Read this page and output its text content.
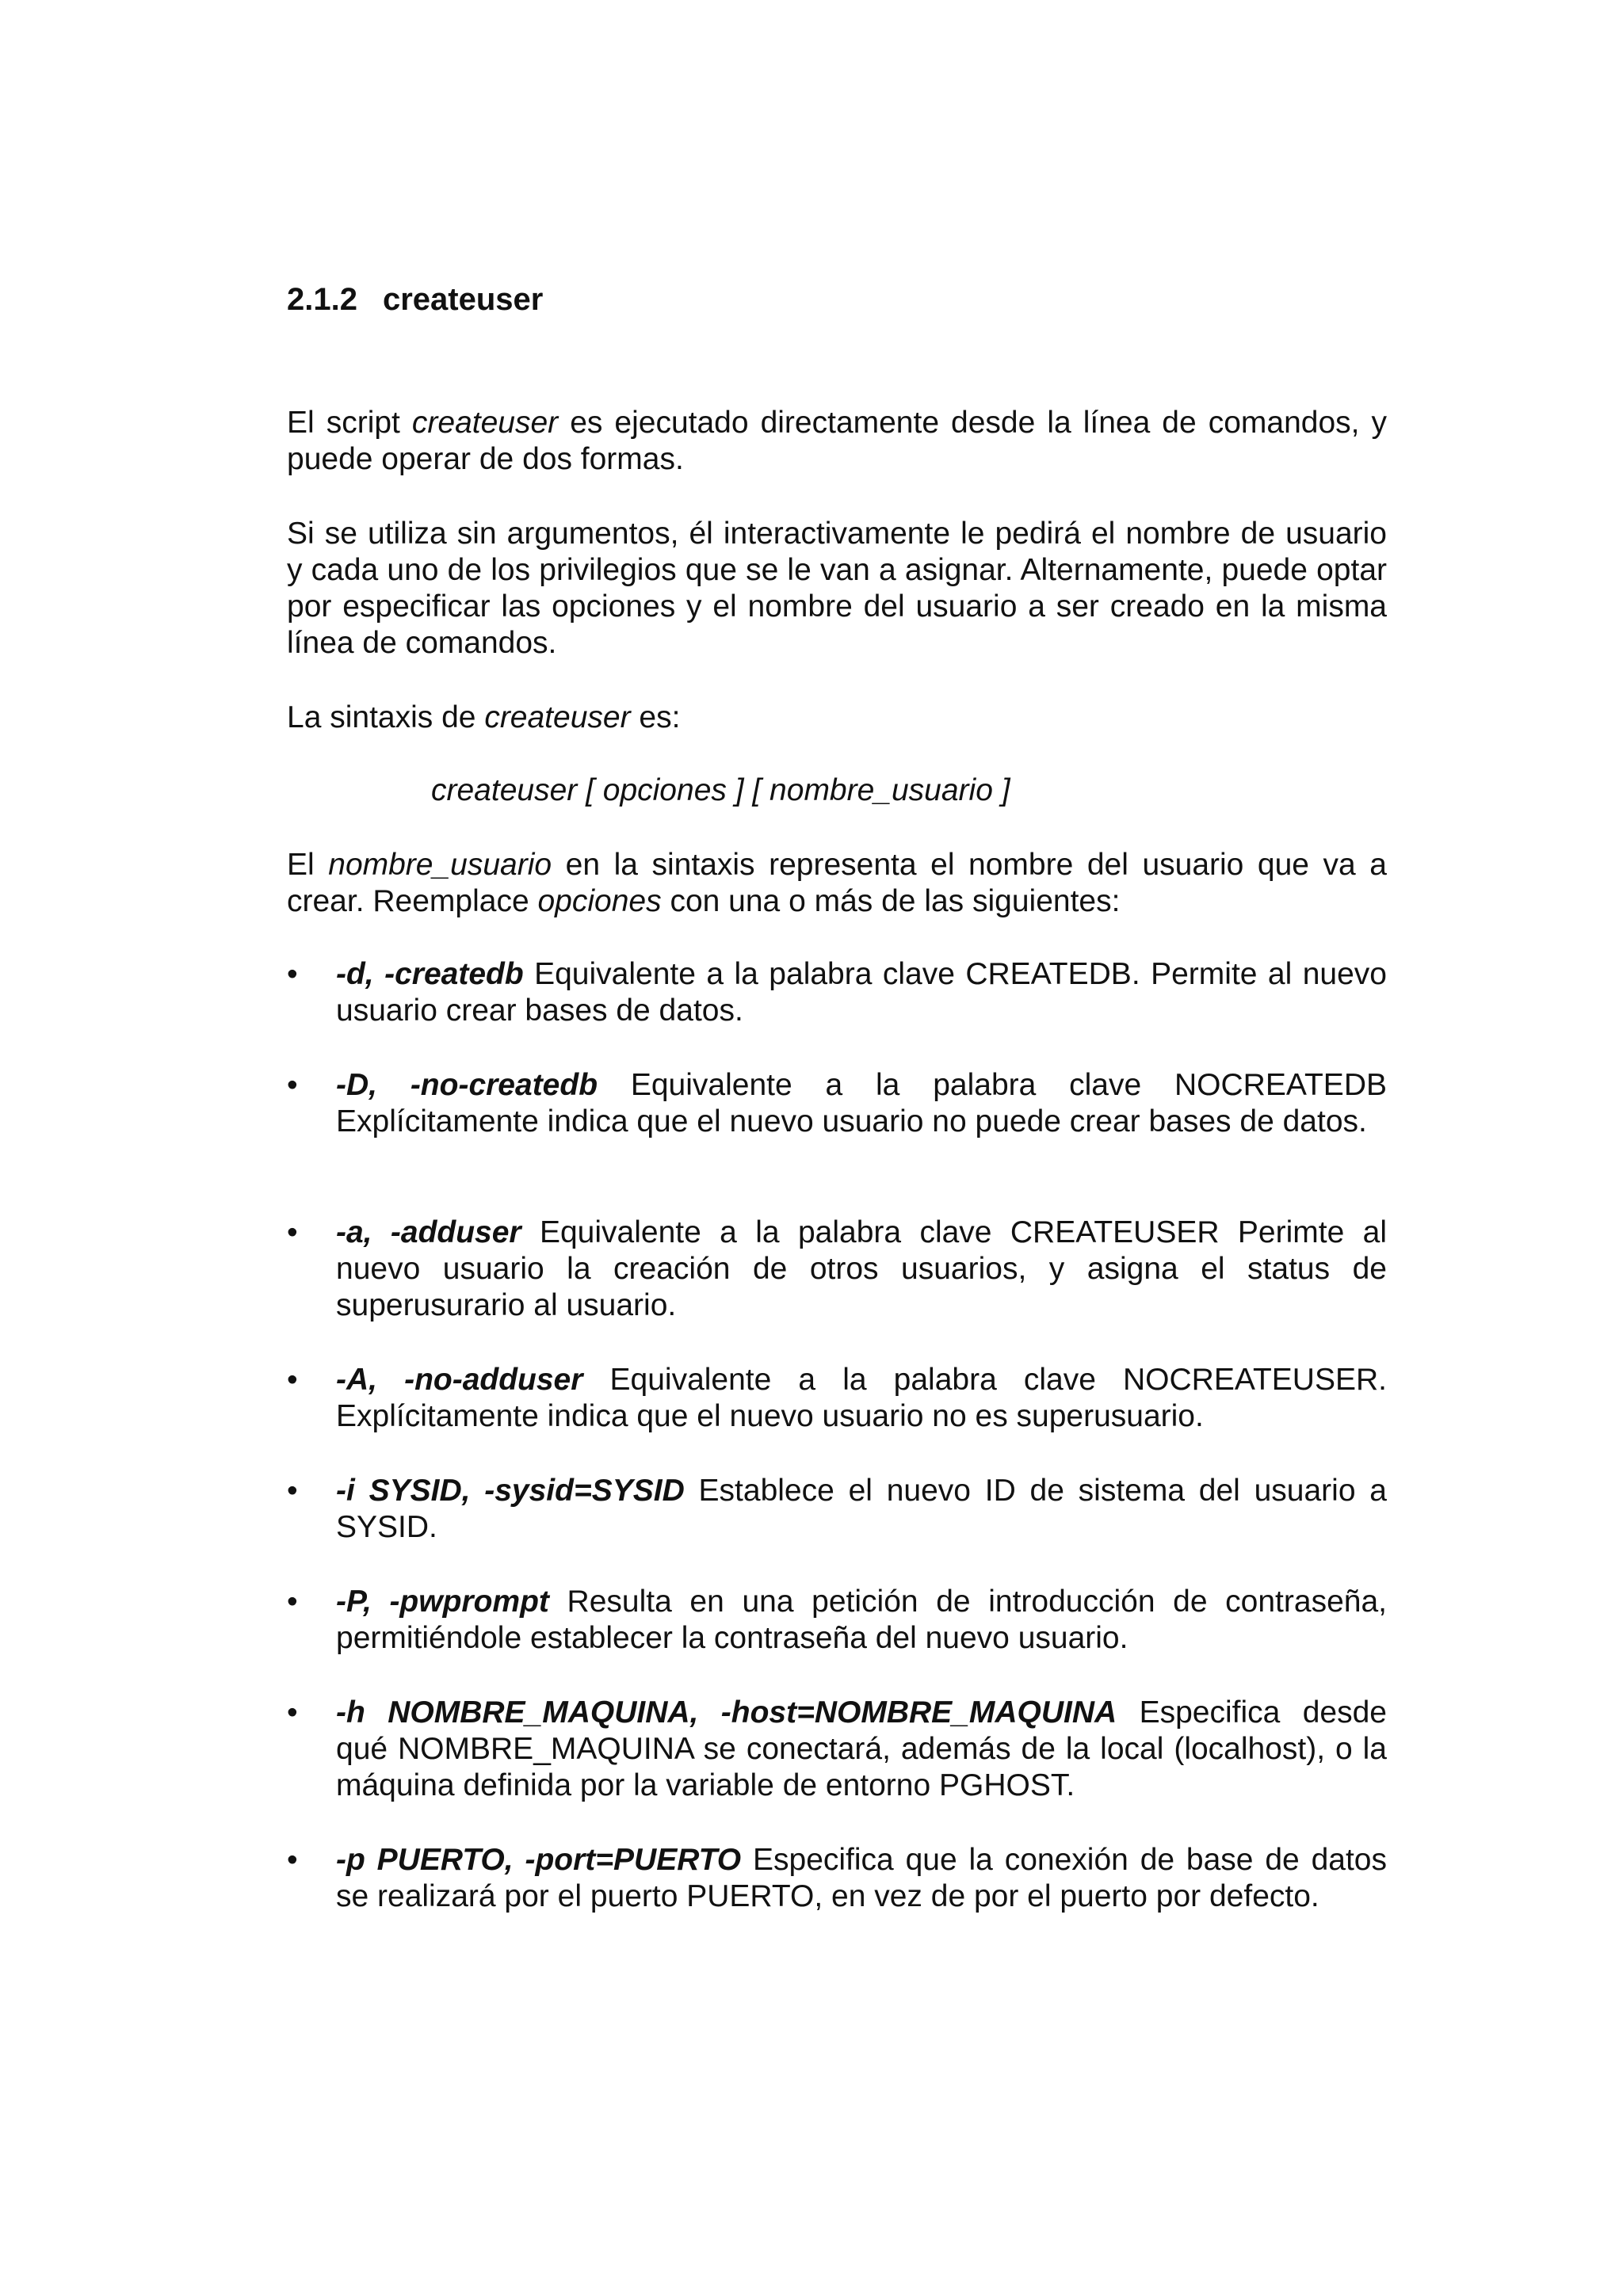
2.1.2 createuser

El script createuser es ejecutado directamente desde la línea de comandos, y puede operar de dos formas.

Si se utiliza sin argumentos, él interactivamente le pedirá el nombre de usuario y cada uno de los privilegios que se le van a asignar. Alternamente, puede optar por especificar las opciones y el nombre del usuario a ser creado en la misma línea de comandos.

La sintaxis de createuser es:

createuser [ opciones ] [ nombre_usuario ]

El nombre_usuario en la sintaxis representa el nombre del usuario que va a crear. Reemplace opciones con una o más de las siguientes:

• -d, -createdb Equivalente a la palabra clave CREATEDB. Permite al nuevo usuario crear bases de datos.
• -D, -no-createdb Equivalente a la palabra clave NOCREATEDB Explícitamente indica que el nuevo usuario no puede crear bases de datos.
• -a, -adduser Equivalente a la palabra clave CREATEUSER Perimte al nuevo usuario la creación de otros usuarios, y asigna el status de superusurario al usuario.
• -A, -no-adduser Equivalente a la palabra clave NOCREATEUSER. Explícitamente indica que el nuevo usuario no es superusuario.
• -i SYSID, -sysid=SYSID Establece el nuevo ID de sistema del usuario a SYSID.
• -P, -pwprompt Resulta en una petición de introducción de contraseña, permitiéndole establecer la contraseña del nuevo usuario.
• -h NOMBRE_MAQUINA, -host=NOMBRE_MAQUINA Especifica desde qué NOMBRE_MAQUINA se conectará, además de la local (localhost), o la máquina definida por la variable de entorno PGHOST.
• -p PUERTO, -port=PUERTO Especifica que la conexión de base de datos se realizará por el puerto PUERTO, en vez de por el puerto por defecto.
